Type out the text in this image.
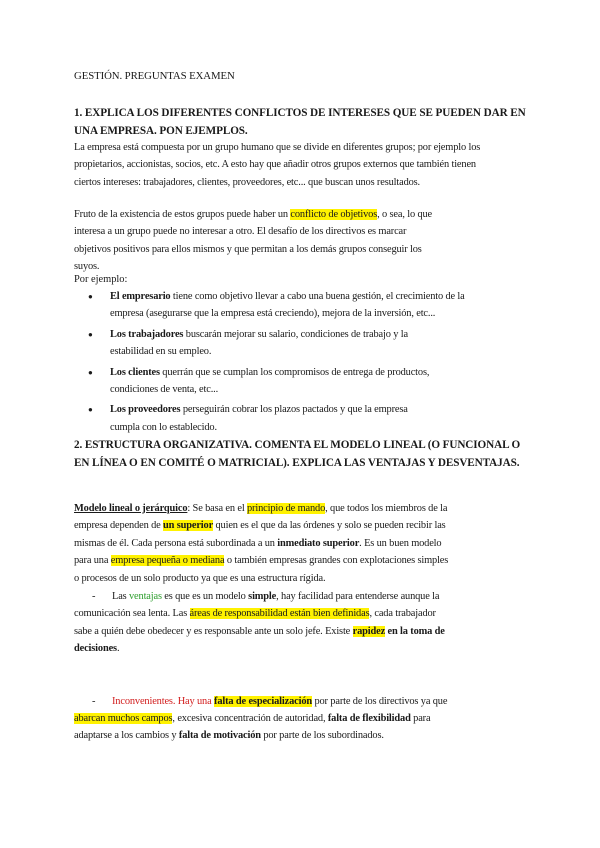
GESTIÓN. PREGUNTAS EXAMEN
1. EXPLICA LOS DIFERENTES CONFLICTOS DE INTERESES QUE SE PUEDEN DAR EN UNA EMPRESA. PON EJEMPLOS.
La empresa está compuesta por un grupo humano que se divide en diferentes grupos; por ejemplo los propietarios, accionistas, socios, etc. A esto hay que añadir otros grupos externos que también tienen ciertos intereses: trabajadores, clientes, proveedores, etc... que buscan unos resultados.
Fruto de la existencia de estos grupos puede haber un conflicto de objetivos, o sea, lo que interesa a un grupo puede no interesar a otro. El desafío de los directivos es marcar objetivos positivos para ellos mismos y que permitan a los demás grupos conseguir los suyos.
Por ejemplo:
● El empresario tiene como objetivo llevar a cabo una buena gestión, el crecimiento de la empresa (asegurarse que la empresa está creciendo), mejora de la inversión, etc...
● Los trabajadores buscarán mejorar su salario, condiciones de trabajo y la estabilidad en su empleo.
● Los clientes querrán que se cumplan los compromisos de entrega de productos, condiciones de venta, etc...
● Los proveedores perseguirán cobrar los plazos pactados y que la empresa cumpla con lo establecido.
2. ESTRUCTURA ORGANIZATIVA. COMENTA EL MODELO LINEAL (O FUNCIONAL O EN LÍNEA O EN COMITÉ O MATRICIAL). EXPLICA LAS VENTAJAS Y DESVENTAJAS.
Modelo lineal o jerárquico: Se basa en el principio de mando, que todos los miembros de la empresa dependen de un superior quien es el que da las órdenes y solo se pueden recibir las mismas de él. Cada persona está subordinada a un inmediato superior. Es un buen modelo para una empresa pequeña o mediana o también empresas grandes con explotaciones simples o procesos de un solo producto ya que es una estructura rígida.
- Las ventajas es que es un modelo simple, hay facilidad para entenderse aunque la comunicación sea lenta. Las áreas de responsabilidad están bien definidas, cada trabajador sabe a quién debe obedecer y es responsable ante un solo jefe. Existe rapidez en la toma de decisiones.
- Inconvenientes. Hay una falta de especialización por parte de los directivos ya que abarcan muchos campos, excesiva concentración de autoridad, falta de flexibilidad para adaptarse a los cambios y falta de motivación por parte de los subordinados.
